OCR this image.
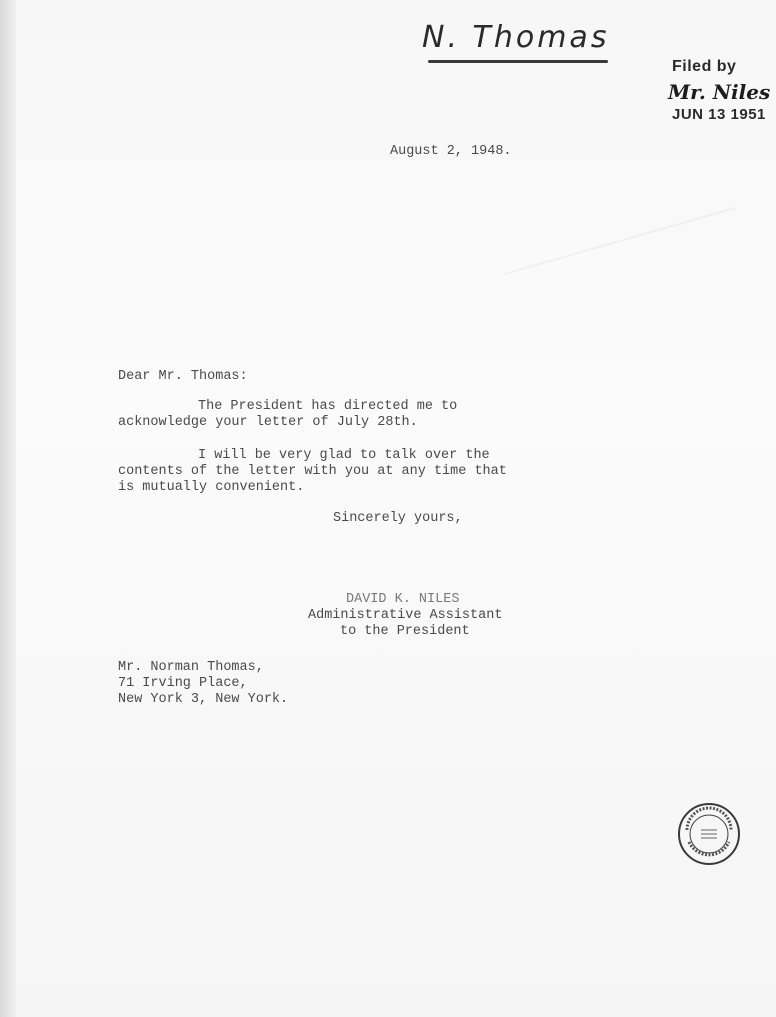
N. Thomas
Filed by
Mr. Niles
JUN 13 1951
August 2, 1948.
Dear Mr. Thomas:
The President has directed me to
acknowledge your letter of July 28th.
I will be very glad to talk over the
contents of the letter with you at any time that
is mutually convenient.
Sincerely yours,
DAVID K. NILES
Administrative Assistant
to the President
Mr. Norman Thomas,
71 Irving Place,
New York 3, New York.
